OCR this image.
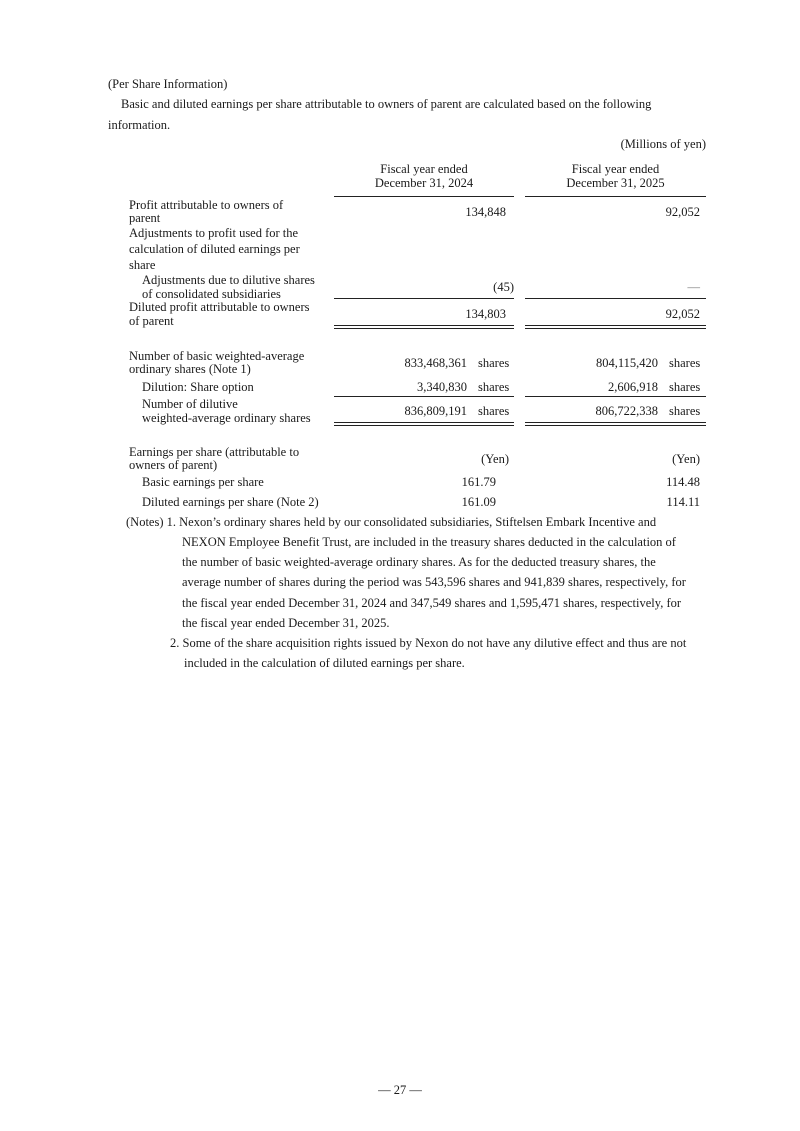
(Per Share Information)
Basic and diluted earnings per share attributable to owners of parent are calculated based on the following
information.
(Millions of yen)
Fiscal year ended
December 31, 2024
Fiscal year ended
December 31, 2025
Profit attributable to owners of
parent	134,848	92,052
Adjustments to profit used for the
calculation of diluted earnings per
share
Adjustments due to dilutive shares
of consolidated subsidiaries	(45)	—
Diluted profit attributable to owners
of parent	134,803	92,052
Number of basic weighted-average
ordinary shares (Note 1)	833,468,361 shares	804,115,420 shares
Dilution: Share option	3,340,830 shares	2,606,918 shares
Number of dilutive
weighted-average ordinary shares	836,809,191 shares	806,722,338 shares
Earnings per share (attributable to
owners of parent)	(Yen)	(Yen)
Basic earnings per share	161.79	114.48
Diluted earnings per share (Note 2)	161.09	114.11
(Notes) 1. Nexon’s ordinary shares held by our consolidated subsidiaries, Stiftelsen Embark Incentive and
NEXON Employee Benefit Trust, are included in the treasury shares deducted in the calculation of
the number of basic weighted-average ordinary shares. As for the deducted treasury shares, the
average number of shares during the period was 543,596 shares and 941,839 shares, respectively, for
the fiscal year ended December 31, 2024 and 347,549 shares and 1,595,471 shares, respectively, for
the fiscal year ended December 31, 2025.
2. Some of the share acquisition rights issued by Nexon do not have any dilutive effect and thus are not
included in the calculation of diluted earnings per share.
— 27 —
